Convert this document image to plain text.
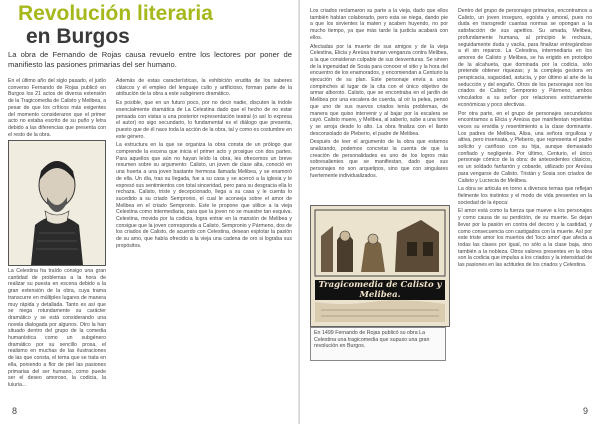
Revolución literaria
en Burgos
La obra de Fernando de Rojas causa revuelo entre los lectores por poner de manifiesto las pasiones primarias del ser humano.

En el último año del siglo pasado, el judío converso Fernando de Rojas publicó en Burgos los 21 actos de diversa extensión de la Tragicomedia de Calisto y Melibea, a pesar de que los críticos más exigentes del momento consideraron que el primer acto no estaba escrito de su puño y letra debido a las diferencias que presenta con el resto de la obra.

La Celestina ha traído consigo una gran cantidad de problemas a la hora de realizar su puesta en escena debido a la gran extensión de la obra, cuya trama transcurre en múltiples lugares de manera muy rápida y detallada. Tanto es así que se niega rotundamente su carácter dramático y se está considerando una novela dialogada por algunos. Otro la han situado dentro del grupo de la comedia humanística como un subgénero dramático por su sencillo prosa, el realismo en muchas de las ilustraciones de las que consta, el tema que se trata en ella, poniendo a flor de piel las pasiones primarias del ser humano, como puede ser el deseo amoroso, la codicia, la lujuria...

Además de estas características, la exhibición erudita de los saberes clásicos y el empleo del lenguaje culto y artificioso, forman parte de la atribución de la obra a este subgénero dramático.

Es posible, que en un futuro poco, por no decir nadie, discuten la índole esencialmente dramática de La Celestina dado que el hecho de no estar pensada con vistas a una posterior representación teatral (o así lo expresa el autor) no sigo secundario, lo fundamental es el diálogo que presenta, puesto que de él nace toda la acción de la obra, tal y como es costumbre en este género.

La estructura en la que se organiza la obra consta de un prólogo que comprende la escena que inicia el primer acto y prosigue con dos partes. Para aquellos que aún no hayan leído la obra, les ofrecemos un breve resumen sobre su argumento: Calisto, un joven de clase alta, conoció en una huerta a una joven bastante hermosa llamada Melibea, y se enamoró de ella. Un día, tras su llegada, fue a su casa y se acercó a la iglesia y le expresó sus sentimientos con total sinceridad, pero para su desgracia ella lo rechaza. Calisto, triste y decepcionado, llega a su casa y le cuenta lo sucedido a su criado Sempronio, el cual le aconseja sobre el amor de Melibea en el criado Sempronio. Este le propone que utilice a la vieja Celestina como intermediaria, para que la joven no se muestre tan esquiva. Celestina, movida por la codicia, logra entrar en la mansión de Melibea y consigue que la joven corresponda a Calisto. Sempronio y Pármeno, dos de los criados de Calisto, de acuerdo con Celestina, desean explotar la pasión de su amo, que había ofrecido a la vieja una cadena de oro si lograba sus propósitos.

8

Los criados reclamaron su parte a la vieja, dado que ellos también habían colaborado, pero esta se niega, dando pie a que los sirvientes la maten y acaben huyendo, no por mucho tiempo, ya que más tarde la justicia acabará con ellos.

Afectadas por la muerte de sus amigos y de la vieja Celestina, Elicia y Areúsa traman venganza contra Melibea, a la que consideran culpable de sus desventuras. Se sirven de la ingenuidad de Sosia para conocer el sitio y la hora del encuentro de los enamorados, y encomiendan a Centurio la ejecución de su plan. Este personaje envía a unos compinches al lugar de la cita con el único objetivo de armar alboroto. Calisto, que se encontraba en el jardín de Melibea por una escalera de cuerda, al oír la pelea, pensó que uno de sus nuevos criados tenía problemas, de manera que quiso intervenir y al bajar por la escalera se cayó. Calisto muere, y Melibea, al saberlo, sube a una torre y se arroja desde lo alto. La obra finaliza con el llanto desconsolado de Pleberio, el padre de Melibea.

Después de leer el argumento de la obra que estamos analizando, podemos concretar la cuenta de que la creación de personalidades es uno de los logros más sobresalientes que se manifiestan, dado que sus personajes no son arquetipos, sino que con singulares fuertemente individualizados.

Tragicomedia de Calisto y Melibea.
En 1499 Fernando de Rojas publicó su obra La Celestina una tragicomedia que supuso una gran revolución en Burgos.

Dentro del grupo de personajes primarios, encontramos a Calisto, un joven inseguro, egoísta y amoral, pues no duda en transgredir cuantas normas se opongan a la satisfacción de sus apetitos. Su amada, Melibea, profundamente humana, al principio le rechaza, seguidamente duda y vacila, para finalizar entregándose a él sin reparos. La Celestina, intermediaria en los amores de Calisto y Melibea, se ha erigido en prototipo de la alcahueta, que dominada por la codicia, sólo pretende obtener riquezas; y la compleja gestora en perspicacia, sagacidad, astucia, y por último al arte de la seducción y del engaño. Otros de los personajes son los criados de Calisto; Sempronio y Pármeno, ambos vinculados a su señor por relaciones estrictamente económicas y poco afectivas.

Por otra parte, en el grupo de personajes secundarios encontramos a Elicia y Areúsa que manifiestan repetidas veces su envidia y resentimiento a la clase dominante. Los padres de Melibea, Alisa, una señora orgullosa y altiva, pero insensata, y Pleberio, que representa el padre solícito y cariñoso con su hija, aunque demasiado confiado y negligente. Por último, Centurio, el único personaje cómico de la obra: de antecedentes clásicos, es un soldado fanfarrón y cobarde, utilizado por Areúsa para vengarse de Calisto. Tristán y Sosia son criados de Calisto y Lucrecia de Melibea.

La obra se articula en torno a diversos temas que reflejan fielmente los instintos y el modo de vida presentes en la sociedad de la época:

El amor está como la fuerza que mueve a los personajes y como causa de su perdición, de su muerte. Se dejan llevar por la pasión en contra del decoro y la castidad, y como consecuencia con castigados con la muerte. Así por este triste amor los muertos del 'loco amor' que afecta a todas las clases por igual, no sólo a la clase baja, sino también a la nobleza. Otros valores presentes en la obra son la codicia que impulsa a los criados y la intensidad de las pasiones en las actitudes de los criados y Celestina.

9
